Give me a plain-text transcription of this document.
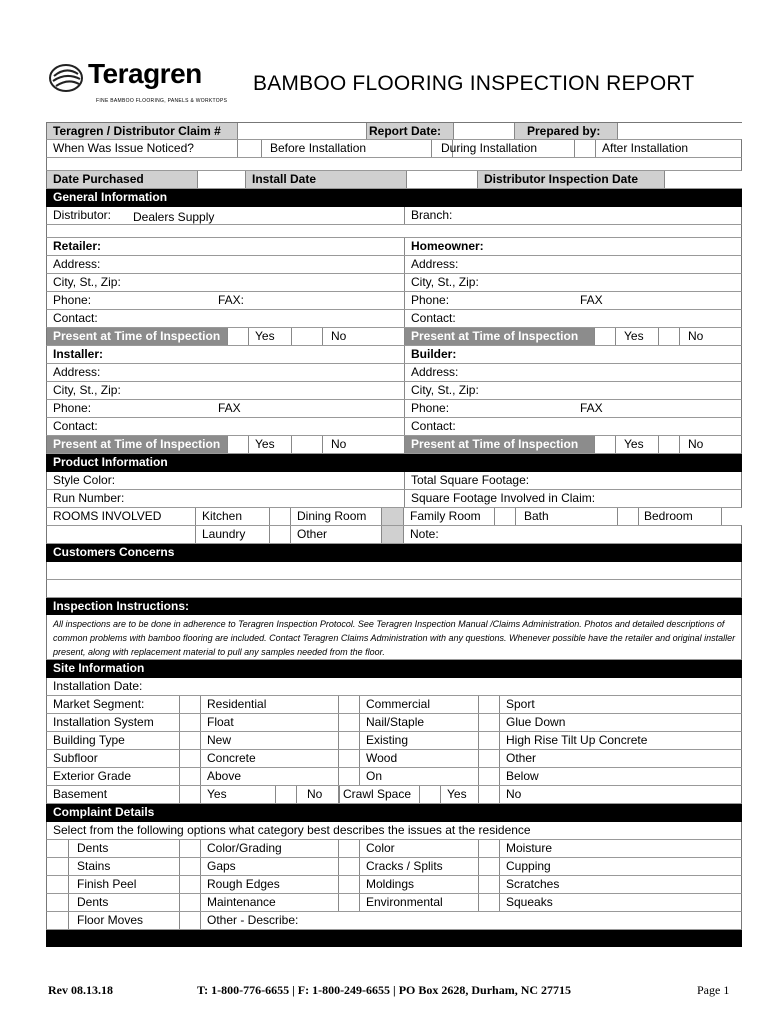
Teragren
FINE BAMBOO FLOORING, PANELS & WORKTOPS
BAMBOO FLOORING INSPECTION REPORT
Teragren / Distributor Claim #	Report Date:	Prepared by:
When Was Issue Noticed?	Before Installation	During Installation	After Installation
Date Purchased	Install Date	Distributor Inspection Date
General Information
Distributor:	Dealers Supply	Branch:
Retailer:	Homeowner:
Address:	Address:
City, St., Zip:	City, St., Zip:
Phone:	FAX:	Phone:	FAX
Contact:	Contact:
Present at Time of Inspection	Yes	No	Present at Time of Inspection	Yes	No
Installer:	Builder:
Address:	Address:
City, St., Zip:	City, St., Zip:
Phone:	FAX	Phone:	FAX
Contact:	Contact:
Present at Time of Inspection	Yes	No	Present at Time of Inspection	Yes	No
Product Information
Style Color:	Total Square Footage:
Run Number:	Square Footage Involved in Claim:
ROOMS INVOLVED	Kitchen	Dining Room	Family Room	Bath	Bedroom
Laundry	Other	Note:
Customers Concerns
Inspection Instructions:
All inspections are to be done in adherence to Teragren Inspection Protocol. See Teragren Inspection Manual /Claims Administration. Photos and detailed descriptions of common problems with bamboo flooring are included. Contact Teragren Claims Administration with any questions. Whenever possible have the retailer and original installer present, along with replacement material to pull any samples needed from the floor.
Site Information
Installation Date:
Market Segment:	Residential	Commercial	Sport
Installation System	Float	Nail/Staple	Glue Down
Building Type	New	Existing	High Rise Tilt Up Concrete
Subfloor	Concrete	Wood	Other
Exterior Grade	Above	On	Below
Basement	Yes	No	Crawl Space	Yes	No
Complaint Details
Select from the following options what category best describes the issues at the residence
Dents	Color/Grading	Color	Moisture
Stains	Gaps	Cracks / Splits	Cupping
Finish Peel	Rough Edges	Moldings	Scratches
Dents	Maintenance	Environmental	Squeaks
Floor Moves	Other - Describe:
Rev 08.13.18	T: 1-800-776-6655 | F: 1-800-249-6655 | PO Box 2628, Durham, NC 27715	Page 1
